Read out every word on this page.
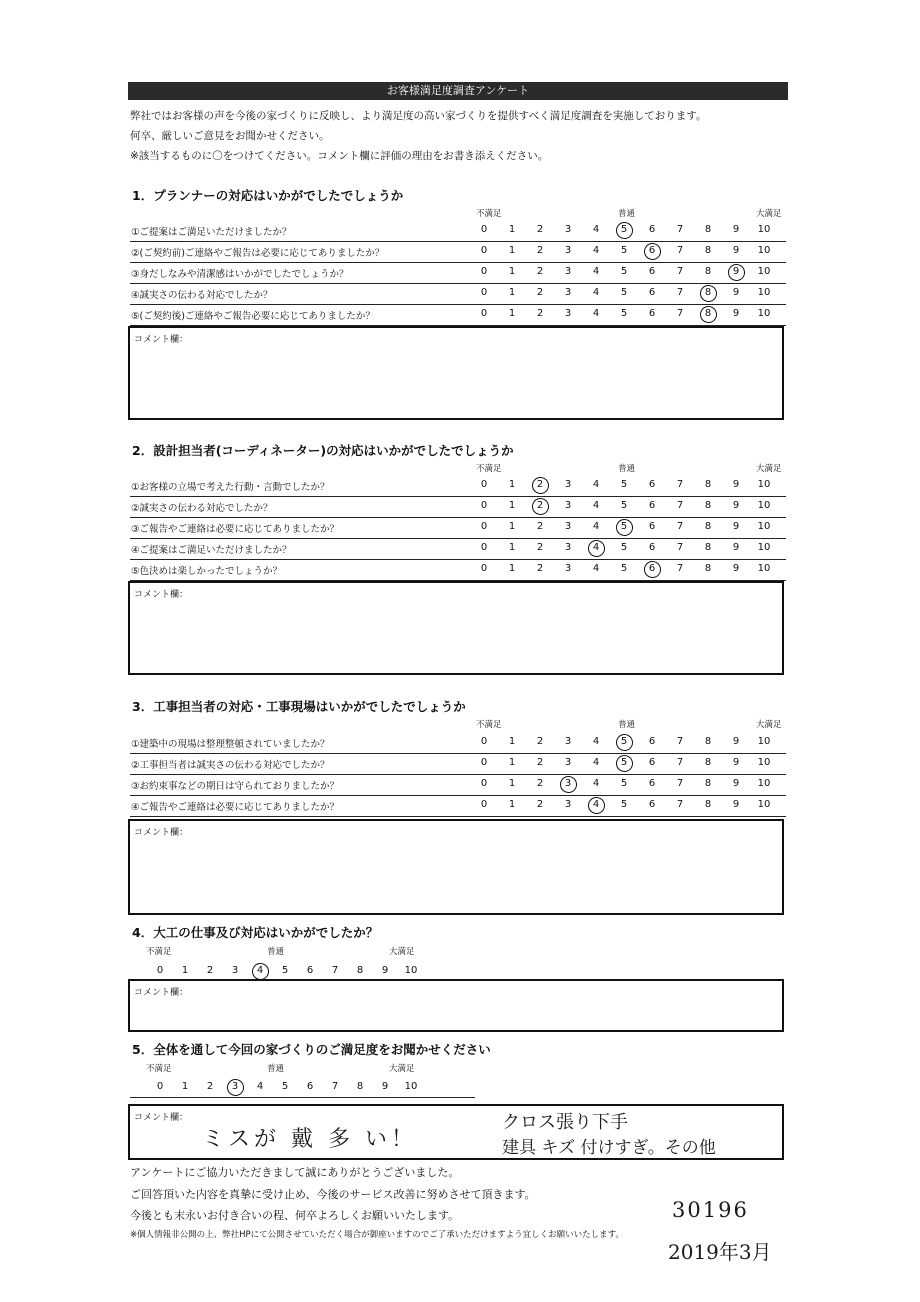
お客様満足度調査アンケート
弊社ではお客様の声を今後の家づくりに反映し、より満足度の高い家づくりを提供すべく満足度調査を実施しております。
何卒、厳しいご意見をお聞かせください。
※該当するものに〇をつけてください。コメント欄に評価の理由をお書き添えください。
1．プランナーの対応はいかがでしたでしょうか
不満足	普通	大満足
①ご提案はご満足いただけましたか？	0	1	2	3	4	5	6	7	8	9	10
②(ご契約前)ご連絡やご報告は必要に応じてありましたか？	0	1	2	3	4	5	6	7	8	9	10
③身だしなみや清潔感はいかがでしたでしょうか？	0	1	2	3	4	5	6	7	8	9	10
④誠実さの伝わる対応でしたか？	0	1	2	3	4	5	6	7	8	9	10
⑤(ご契約後)ご連絡やご報告必要に応じてありましたか？	0	1	2	3	4	5	6	7	8	9	10
コメント欄：
2．設計担当者(コーディネーター)の対応はいかがでしたでしょうか
不満足	普通	大満足
①お客様の立場で考えた行動・言動でしたか？	0	1	2	3	4	5	6	7	8	9	10
②誠実さの伝わる対応でしたか？	0	1	2	3	4	5	6	7	8	9	10
③ご報告やご連絡は必要に応じてありましたか？	0	1	2	3	4	5	6	7	8	9	10
④ご提案はご満足いただけましたか？	0	1	2	3	4	5	6	7	8	9	10
⑤色決めは楽しかったでしょうか？	0	1	2	3	4	5	6	7	8	9	10
コメント欄：
3．工事担当者の対応・工事現場はいかがでしたでしょうか
不満足	普通	大満足
①建築中の現場は整理整頓されていましたか？	0	1	2	3	4	5	6	7	8	9	10
②工事担当者は誠実さの伝わる対応でしたか？	0	1	2	3	4	5	6	7	8	9	10
③お約束事などの期日は守られておりましたか？	0	1	2	3	4	5	6	7	8	9	10
④ご報告やご連絡は必要に応じてありましたか？	0	1	2	3	4	5	6	7	8	9	10
コメント欄：
4．大工の仕事及び対応はいかがでしたか？
不満足	普通	大満足
0	1	2	3	4	5	6	7	8	9	10
コメント欄：
5．全体を通して今回の家づくりのご満足度をお聞かせください
不満足	普通	大満足
0	1	2	3	4	5	6	7	8	9	10
コメント欄：
ミスが 戴 多 い！
クロス張り下手
建具 キズ 付けすぎ。その他
アンケートにご協力いただきまして誠にありがとうございました。
ご回答頂いた内容を真摯に受け止め、今後のサービス改善に努めさせて頂きます。
今後とも末永いお付き合いの程、何卒よろしくお願いいたします。
※個人情報非公開の上、弊社HPにて公開させていただく場合が御座いますのでご了承いただけますよう宜しくお願いいたします。
30196
2019年3月
